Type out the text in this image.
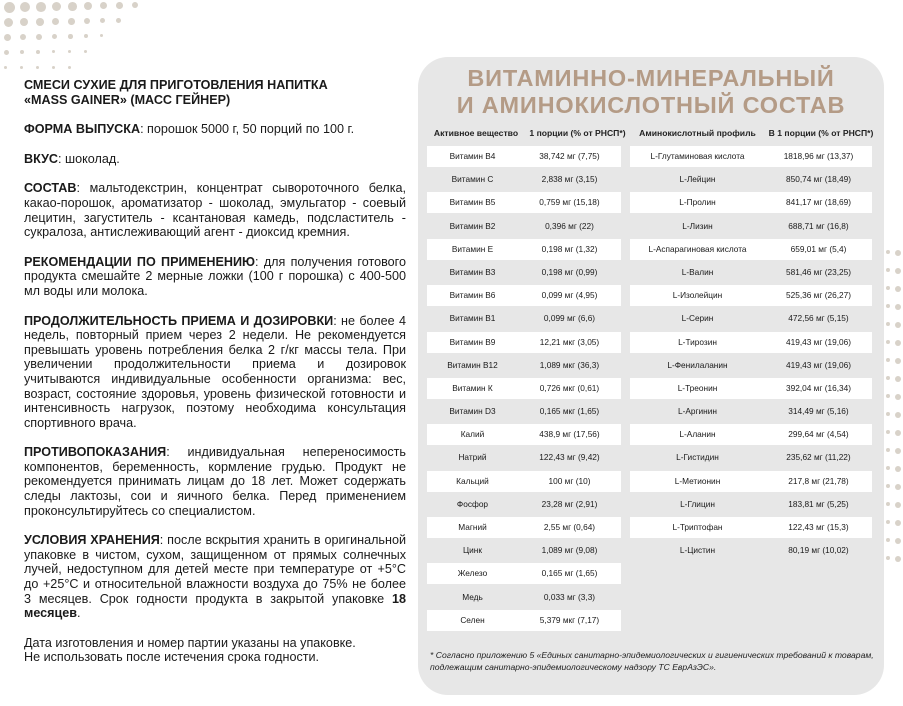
СМЕСИ СУХИЕ ДЛЯ ПРИГОТОВЛЕНИЯ НАПИТКА
«MASS GAINER» (МАСС ГЕЙНЕР)

ФОРМА ВЫПУСКА: порошок 5000 г, 50 порций по 100 г.

ВКУС: шоколад.

СОСТАВ: мальтодекстрин, концентрат сывороточного белка, какао-порошок, ароматизатор - шоколад, эмульгатор - соевый лецитин, загуститель - ксантановая камедь, подсластитель - сукралоза, антислеживающий агент - диоксид кремния.

РЕКОМЕНДАЦИИ ПО ПРИМЕНЕНИЮ: для получения готового продукта смешайте 2 мерные ложки (100 г порошка) с 400-500 мл воды или молока.

ПРОДОЛЖИТЕЛЬНОСТЬ ПРИЕМА И ДОЗИРОВКИ: не более 4 недель, повторный прием через 2 недели. Не рекомендуется превышать уровень потребления белка 2 г/кг массы тела. При увеличении продолжительности приема и дозировок учитываются индивидуальные особенности организма: вес, возраст, состояние здоровья, уровень физической готовности и интенсивность нагрузок, поэтому необходима консультация спортивного врача.

ПРОТИВОПОКАЗАНИЯ: индивидуальная непереносимость компонентов, беременность, кормление грудью. Продукт не рекомендуется принимать лицам до 18 лет. Может содержать следы лактозы, сои и яичного белка. Перед применением проконсультируйтесь со специалистом.

УСЛОВИЯ ХРАНЕНИЯ: после вскрытия хранить в оригинальной упаковке в чистом, сухом, защищенном от прямых солнечных лучей, недоступном для детей месте при температуре от +5°С до +25°С и относительной влажности воздуха до 75% не более 3 месяцев. Срок годности продукта в закрытой упаковке 18 месяцев.

Дата изготовления и номер партии указаны на упаковке.
Не использовать после истечения срока годности.
ВИТАМИННО-МИНЕРАЛЬНЫЙ
И АМИНОКИСЛОТНЫЙ СОСТАВ
Активное вещество	1 порции (% от РНСП*)	Аминокислотный профиль	В 1 порции (% от РНСП*)
Витамин В4	38,742 мг (7,75)	L-Глутаминовая кислота	1818,96 мг (13,37)
Витамин С	2,838 мг (3,15)	L-Лейцин	850,74 мг (18,49)
Витамин В5	0,759 мг (15,18)	L-Пролин	841,17 мг (18,69)
Витамин В2	0,396 мг (22)	L-Лизин	688,71 мг (16,8)
Витамин Е	0,198 мг (1,32)	L-Аспарагиновая кислота	659,01 мг (5,4)
Витамин В3	0,198 мг (0,99)	L-Валин	581,46 мг (23,25)
Витамин В6	0,099 мг (4,95)	L-Изолейцин	525,36 мг (26,27)
Витамин В1	0,099 мг (6,6)	L-Серин	472,56 мг (5,15)
Витамин В9	12,21 мкг (3,05)	L-Тирозин	419,43 мг (19,06)
Витамин В12	1,089 мкг (36,3)	L-Фенилаланин	419,43 мг (19,06)
Витамин К	0,726 мкг (0,61)	L-Треонин	392,04 мг (16,34)
Витамин D3	0,165 мкг (1,65)	L-Аргинин	314,49 мг (5,16)
Калий	438,9 мг (17,56)	L-Аланин	299,64 мг (4,54)
Натрий	122,43 мг (9,42)	L-Гистидин	235,62 мг (11,22)
Кальций	100 мг (10)	L-Метионин	217,8 мг (21,78)
Фосфор	23,28 мг (2,91)	L-Глицин	183,81 мг (5,25)
Магний	2,55 мг (0,64)	L-Триптофан	122,43 мг (15,3)
Цинк	1,089 мг (9,08)	L-Цистин	80,19 мг (10,02)
Железо	0,165 мг (1,65)
Медь	0,033 мг (3,3)
Селен	5,379 мкг (7,17)
* Согласно приложению 5 «Единых санитарно-эпидемиологических и гигиенических требований к товарам, подлежащим санитарно-эпидемиологическому надзору ТС ЕврАзЭС».
